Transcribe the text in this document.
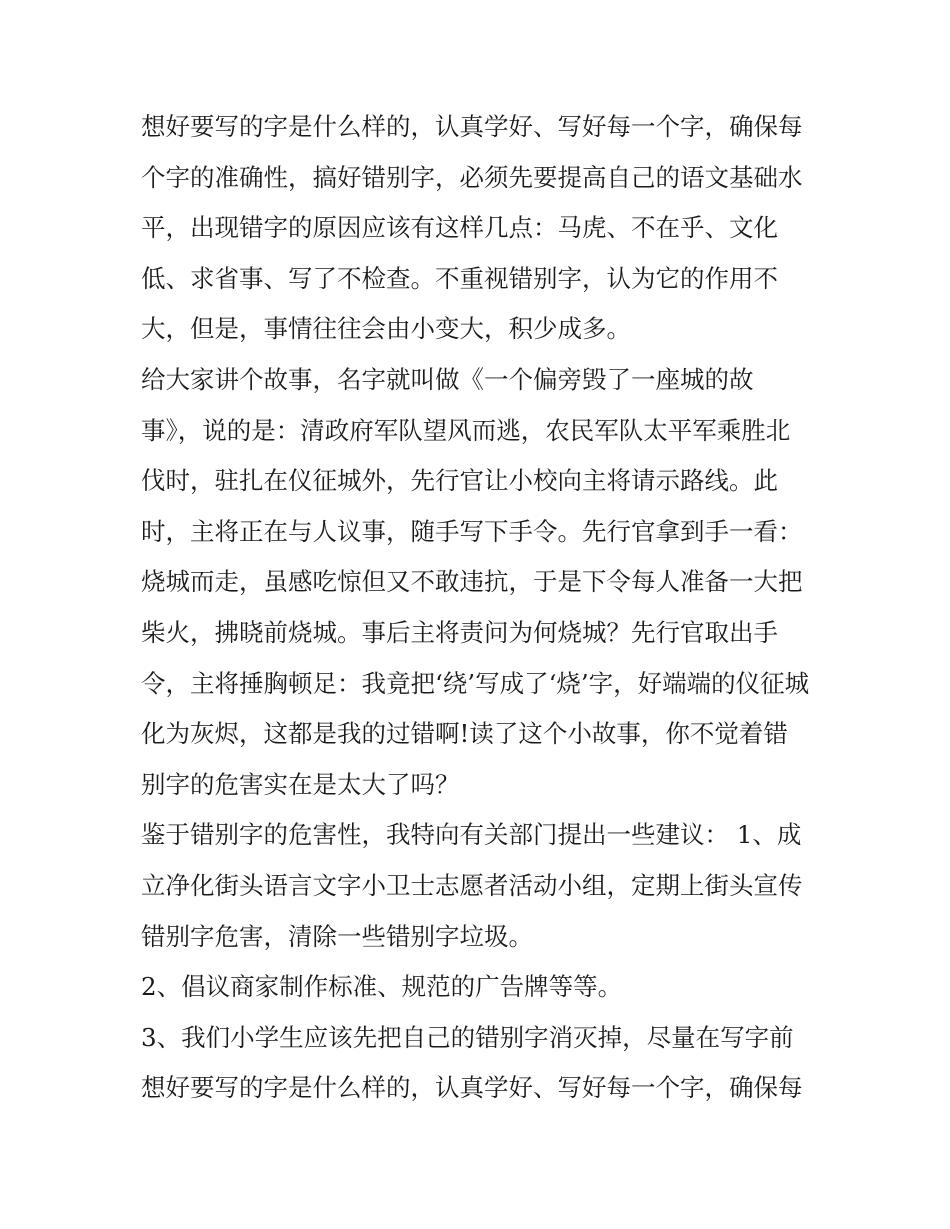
想好要写的字是什么样的，认真学好、写好每一个字，确保每
个字的准确性，搞好错别字，必须先要提高自己的语文基础水
平，出现错字的原因应该有这样几点：马虎、不在乎、文化
低、求省事、写了不检查。不重视错别字，认为它的作用不
大，但是，事情往往会由小变大，积少成多。
给大家讲个故事，名字就叫做《一个偏旁毁了一座城的故
事》，说的是：清政府军队望风而逃，农民军队太平军乘胜北
伐时，驻扎在仪征城外，先行官让小校向主将请示路线。此
时，主将正在与人议事，随手写下手令。先行官拿到手一看：
烧城而走，虽感吃惊但又不敢违抗，于是下令每人准备一大把
柴火，拂晓前烧城。事后主将责问为何烧城？先行官取出手
令，主将捶胸顿足：我竟把‘绕’写成了‘烧’字，好端端的仪征城
化为灰烬，这都是我的过错啊!读了这个小故事，你不觉着错
别字的危害实在是太大了吗？
鉴于错别字的危害性，我特向有关部门提出一些建议： 1、成
立净化街头语言文字小卫士志愿者活动小组，定期上街头宣传
错别字危害，清除一些错别字垃圾。
2、倡议商家制作标准、规范的广告牌等等。
3、我们小学生应该先把自己的错别字消灭掉，尽量在写字前
想好要写的字是什么样的，认真学好、写好每一个字，确保每
